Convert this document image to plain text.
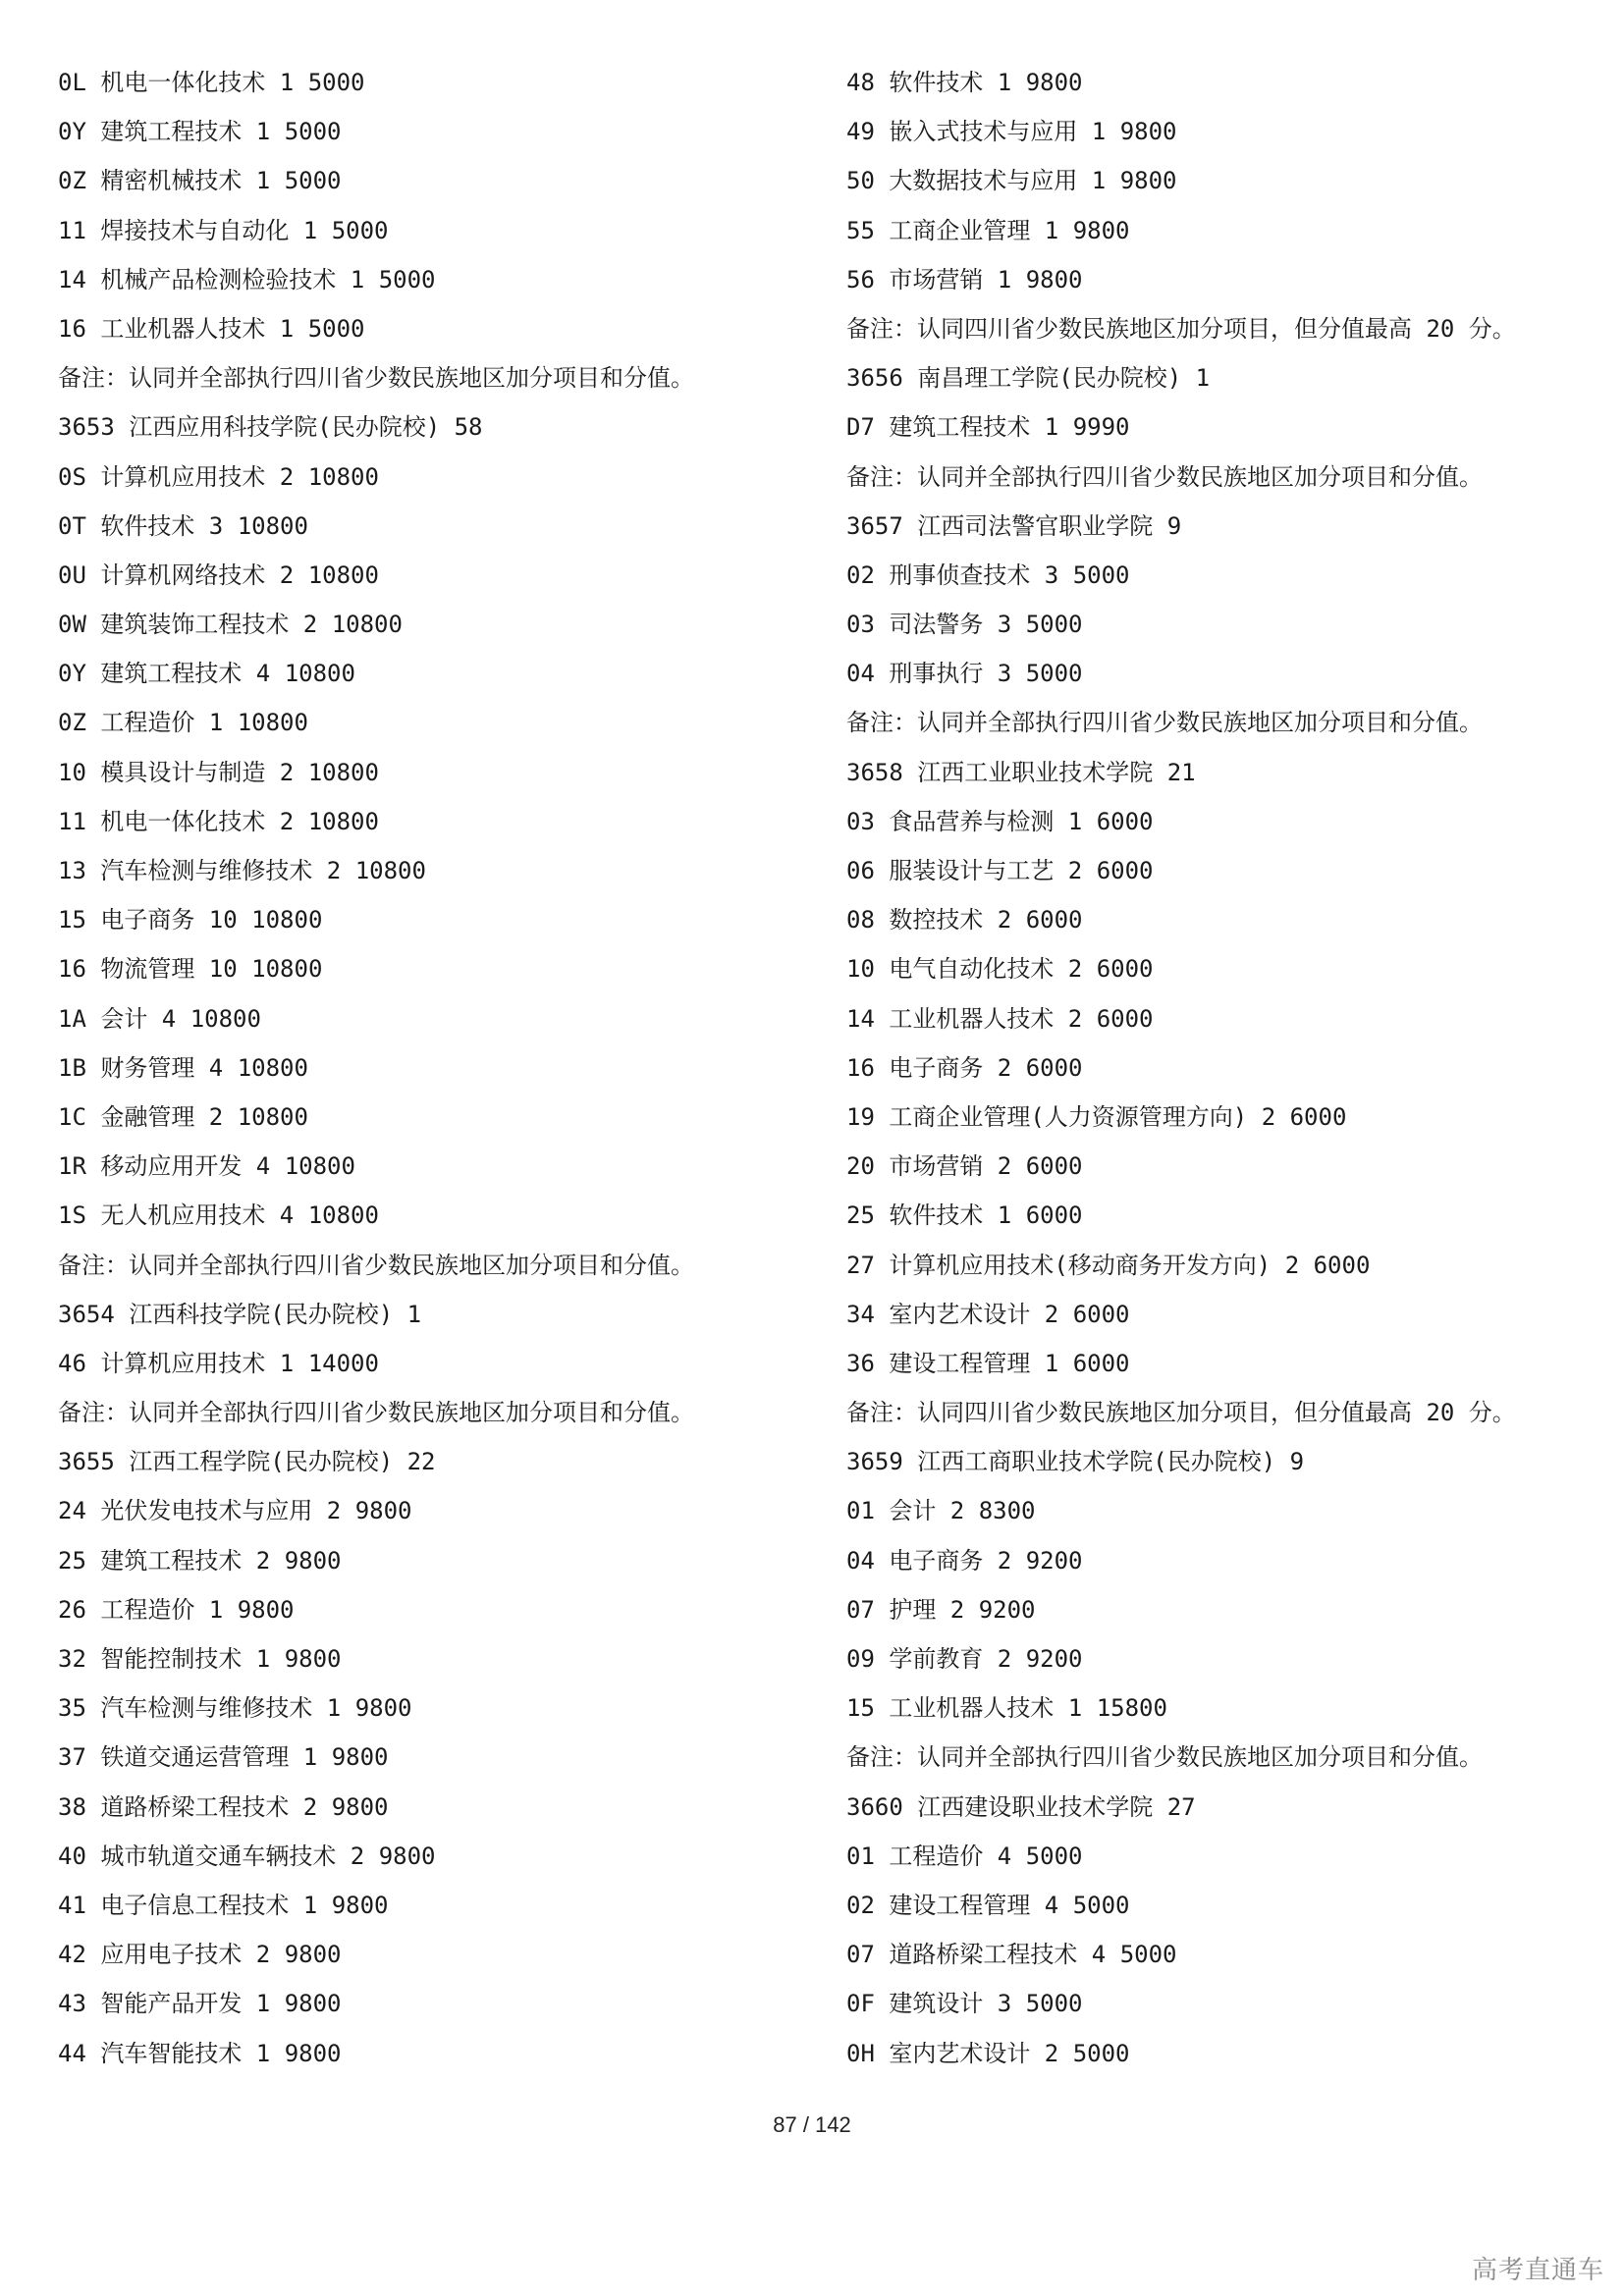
0L 机电一体化技术 1 5000
0Y 建筑工程技术 1 5000
0Z 精密机械技术 1 5000
11 焊接技术与自动化 1 5000
14 机械产品检测检验技术 1 5000
16 工业机器人技术 1 5000
备注：认同并全部执行四川省少数民族地区加分项目和分值。
3653 江西应用科技学院(民办院校) 58
0S 计算机应用技术 2 10800
0T 软件技术 3 10800
0U 计算机网络技术 2 10800
0W 建筑装饰工程技术 2 10800
0Y 建筑工程技术 4 10800
0Z 工程造价 1 10800
10 模具设计与制造 2 10800
11 机电一体化技术 2 10800
13 汽车检测与维修技术 2 10800
15 电子商务 10 10800
16 物流管理 10 10800
1A 会计 4 10800
1B 财务管理 4 10800
1C 金融管理 2 10800
1R 移动应用开发 4 10800
1S 无人机应用技术 4 10800
备注：认同并全部执行四川省少数民族地区加分项目和分值。
3654 江西科技学院(民办院校) 1
46 计算机应用技术 1 14000
备注：认同并全部执行四川省少数民族地区加分项目和分值。
3655 江西工程学院(民办院校) 22
24 光伏发电技术与应用 2 9800
25 建筑工程技术 2 9800
26 工程造价 1 9800
32 智能控制技术 1 9800
35 汽车检测与维修技术 1 9800
37 铁道交通运营管理 1 9800
38 道路桥梁工程技术 2 9800
40 城市轨道交通车辆技术 2 9800
41 电子信息工程技术 1 9800
42 应用电子技术 2 9800
43 智能产品开发 1 9800
44 汽车智能技术 1 9800
48 软件技术 1 9800
49 嵌入式技术与应用 1 9800
50 大数据技术与应用 1 9800
55 工商企业管理 1 9800
56 市场营销 1 9800
备注：认同四川省少数民族地区加分项目，但分值最高 20 分。
3656 南昌理工学院(民办院校) 1
D7 建筑工程技术 1 9990
备注：认同并全部执行四川省少数民族地区加分项目和分值。
3657 江西司法警官职业学院 9
02 刑事侦查技术 3 5000
03 司法警务 3 5000
04 刑事执行 3 5000
备注：认同并全部执行四川省少数民族地区加分项目和分值。
3658 江西工业职业技术学院 21
03 食品营养与检测 1 6000
06 服装设计与工艺 2 6000
08 数控技术 2 6000
10 电气自动化技术 2 6000
14 工业机器人技术 2 6000
16 电子商务 2 6000
19 工商企业管理(人力资源管理方向) 2 6000
20 市场营销 2 6000
25 软件技术 1 6000
27 计算机应用技术(移动商务开发方向) 2 6000
34 室内艺术设计 2 6000
36 建设工程管理 1 6000
备注：认同四川省少数民族地区加分项目，但分值最高 20 分。
3659 江西工商职业技术学院(民办院校) 9
01 会计 2 8300
04 电子商务 2 9200
07 护理 2 9200
09 学前教育 2 9200
15 工业机器人技术 1 15800
备注：认同并全部执行四川省少数民族地区加分项目和分值。
3660 江西建设职业技术学院 27
01 工程造价 4 5000
02 建设工程管理 4 5000
07 道路桥梁工程技术 4 5000
0F 建筑设计 3 5000
0H 室内艺术设计 2 5000
87 / 142
高考直通车
